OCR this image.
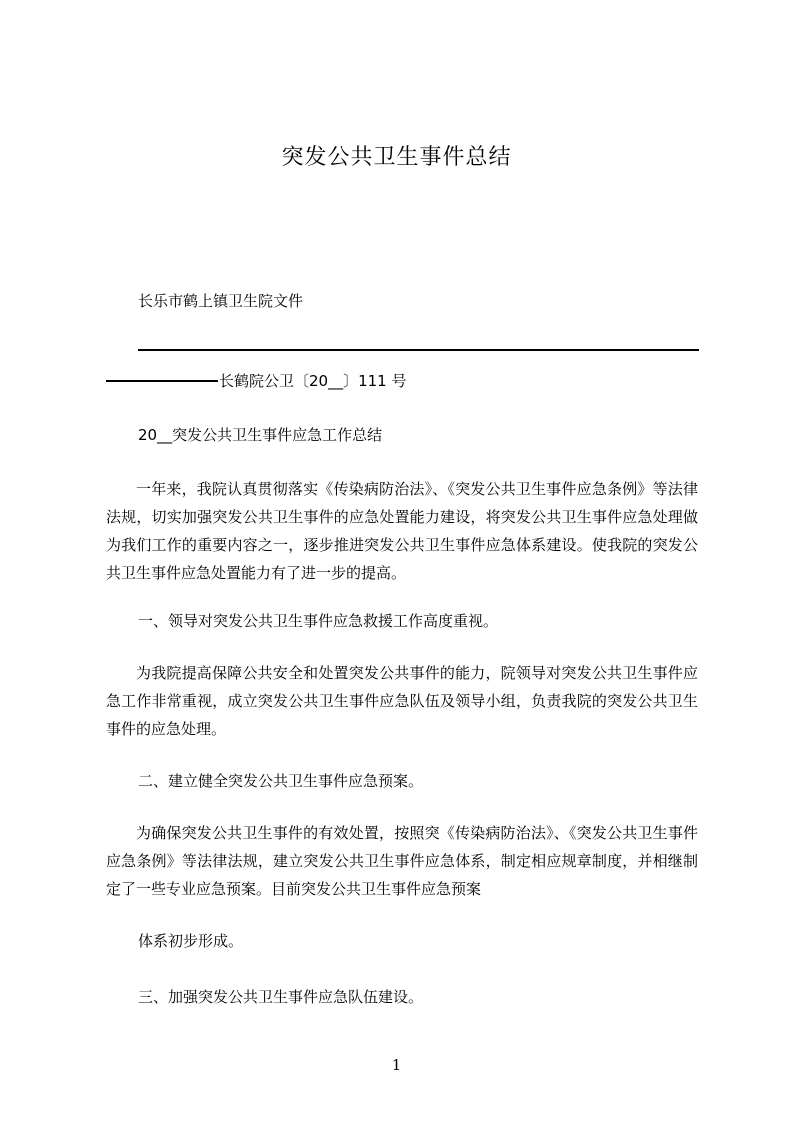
突发公共卫生事件总结
长乐市鹤上镇卫生院文件
长鹤院公卫〔20__〕111 号
20__突发公共卫生事件应急工作总结
一年来，我院认真贯彻落实《传染病防治法》、《突发公共卫生事件应急条例》等法律法规，切实加强突发公共卫生事件的应急处置能力建设，将突发公共卫生事件应急处理做为我们工作的重要内容之一，逐步推进突发公共卫生事件应急体系建设。使我院的突发公共卫生事件应急处置能力有了进一步的提高。
一、领导对突发公共卫生事件应急救援工作高度重视。
为我院提高保障公共安全和处置突发公共事件的能力，院领导对突发公共卫生事件应急工作非常重视，成立突发公共卫生事件应急队伍及领导小组，负责我院的突发公共卫生事件的应急处理。
二、建立健全突发公共卫生事件应急预案。
为确保突发公共卫生事件的有效处置，按照突《传染病防治法》、《突发公共卫生事件应急条例》等法律法规，建立突发公共卫生事件应急体系，制定相应规章制度，并相继制定了一些专业应急预案。目前突发公共卫生事件应急预案
体系初步形成。
三、加强突发公共卫生事件应急队伍建设。
1
